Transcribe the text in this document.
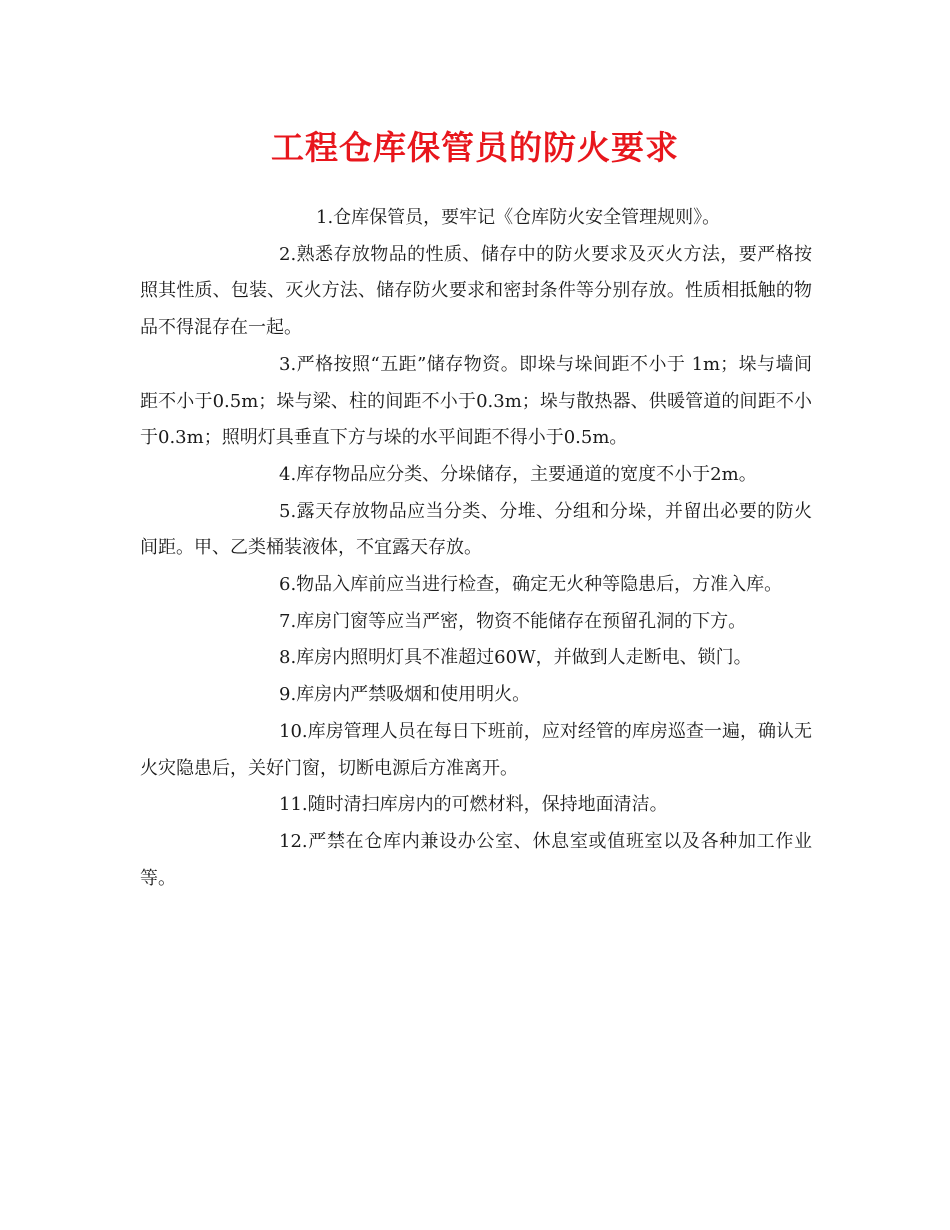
工程仓库保管员的防火要求

1.仓库保管员，要牢记《仓库防火安全管理规则》。

2.熟悉存放物品的性质、储存中的防火要求及灭火方法，要严格按照其性质、包装、灭火方法、储存防火要求和密封条件等分别存放。性质相抵触的物品不得混存在一起。

3.严格按照“五距”储存物资。即垛与垛间距不小于 1m；垛与墙间距不小于0.5m；垛与梁、柱的间距不小于0.3m；垛与散热器、供暖管道的间距不小于0.3m；照明灯具垂直下方与垛的水平间距不得小于0.5m。

4.库存物品应分类、分垛储存，主要通道的宽度不小于2m。

5.露天存放物品应当分类、分堆、分组和分垛，并留出必要的防火间距。甲、乙类桶装液体，不宜露天存放。

6.物品入库前应当进行检查，确定无火种等隐患后，方准入库。

7.库房门窗等应当严密，物资不能储存在预留孔洞的下方。

8.库房内照明灯具不准超过60W，并做到人走断电、锁门。

9.库房内严禁吸烟和使用明火。

10.库房管理人员在每日下班前，应对经管的库房巡查一遍，确认无火灾隐患后，关好门窗，切断电源后方准离开。

11.随时清扫库房内的可燃材料，保持地面清洁。

12.严禁在仓库内兼设办公室、休息室或值班室以及各种加工作业等。
